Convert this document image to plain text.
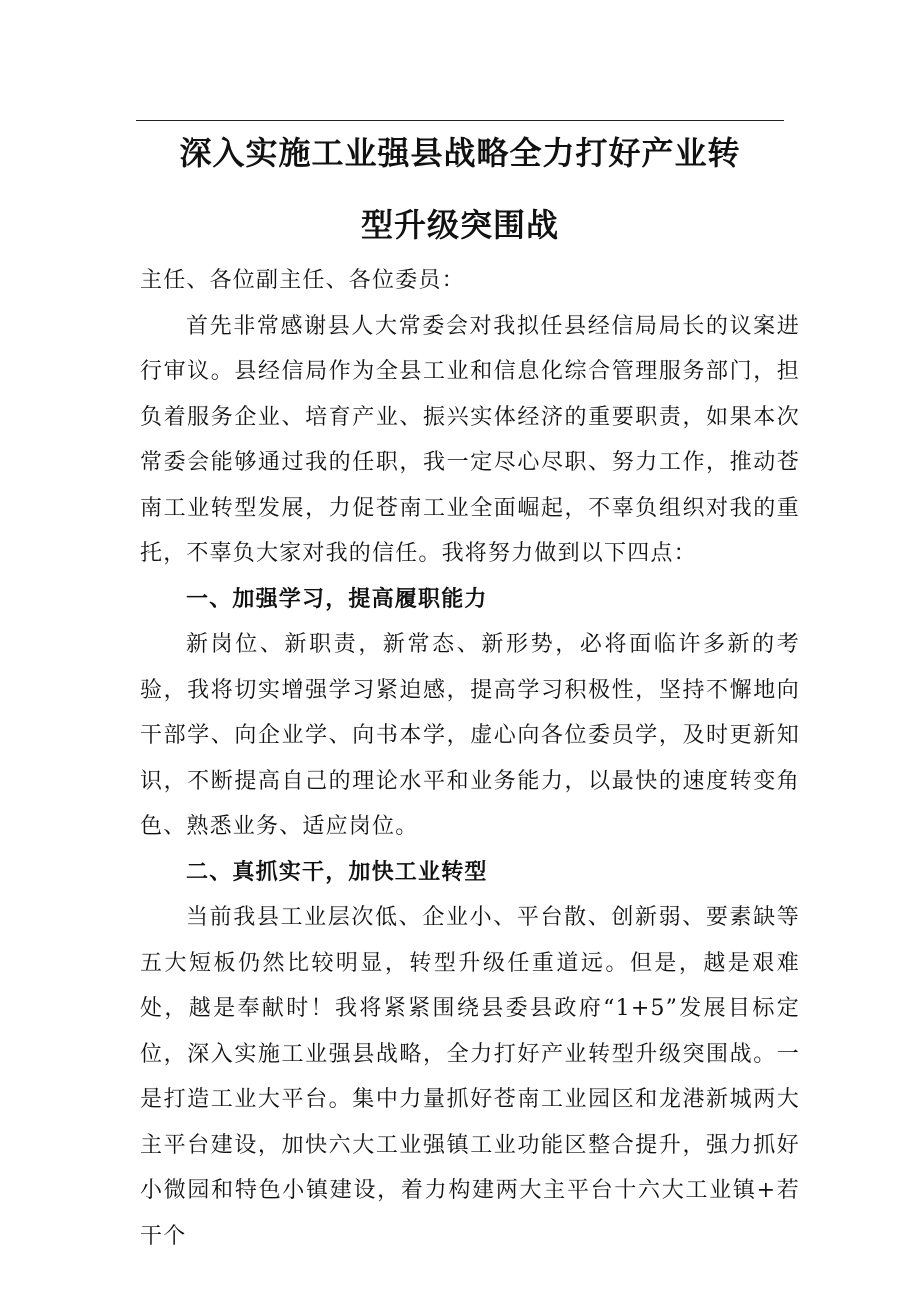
深入实施工业强县战略全力打好产业转
型升级突围战

主任、各位副主任、各位委员：

首先非常感谢县人大常委会对我拟任县经信局局长的议案进行审议。县经信局作为全县工业和信息化综合管理服务部门，担负着服务企业、培育产业、振兴实体经济的重要职责，如果本次常委会能够通过我的任职，我一定尽心尽职、努力工作，推动苍南工业转型发展，力促苍南工业全面崛起，不辜负组织对我的重托，不辜负大家对我的信任。我将努力做到以下四点：

一、加强学习，提高履职能力

新岗位、新职责，新常态、新形势，必将面临许多新的考验，我将切实增强学习紧迫感，提高学习积极性，坚持不懈地向干部学、向企业学、向书本学，虚心向各位委员学，及时更新知识，不断提高自己的理论水平和业务能力，以最快的速度转变角色、熟悉业务、适应岗位。

二、真抓实干，加快工业转型

当前我县工业层次低、企业小、平台散、创新弱、要素缺等五大短板仍然比较明显，转型升级任重道远。但是，越是艰难处，越是奉献时！我将紧紧围绕县委县政府“1+5”发展目标定位，深入实施工业强县战略，全力打好产业转型升级突围战。一是打造工业大平台。集中力量抓好苍南工业园区和龙港新城两大主平台建设，加快六大工业强镇工业功能区整合提升，强力抓好小微园和特色小镇建设，着力构建两大主平台十六大工业镇+若干个
